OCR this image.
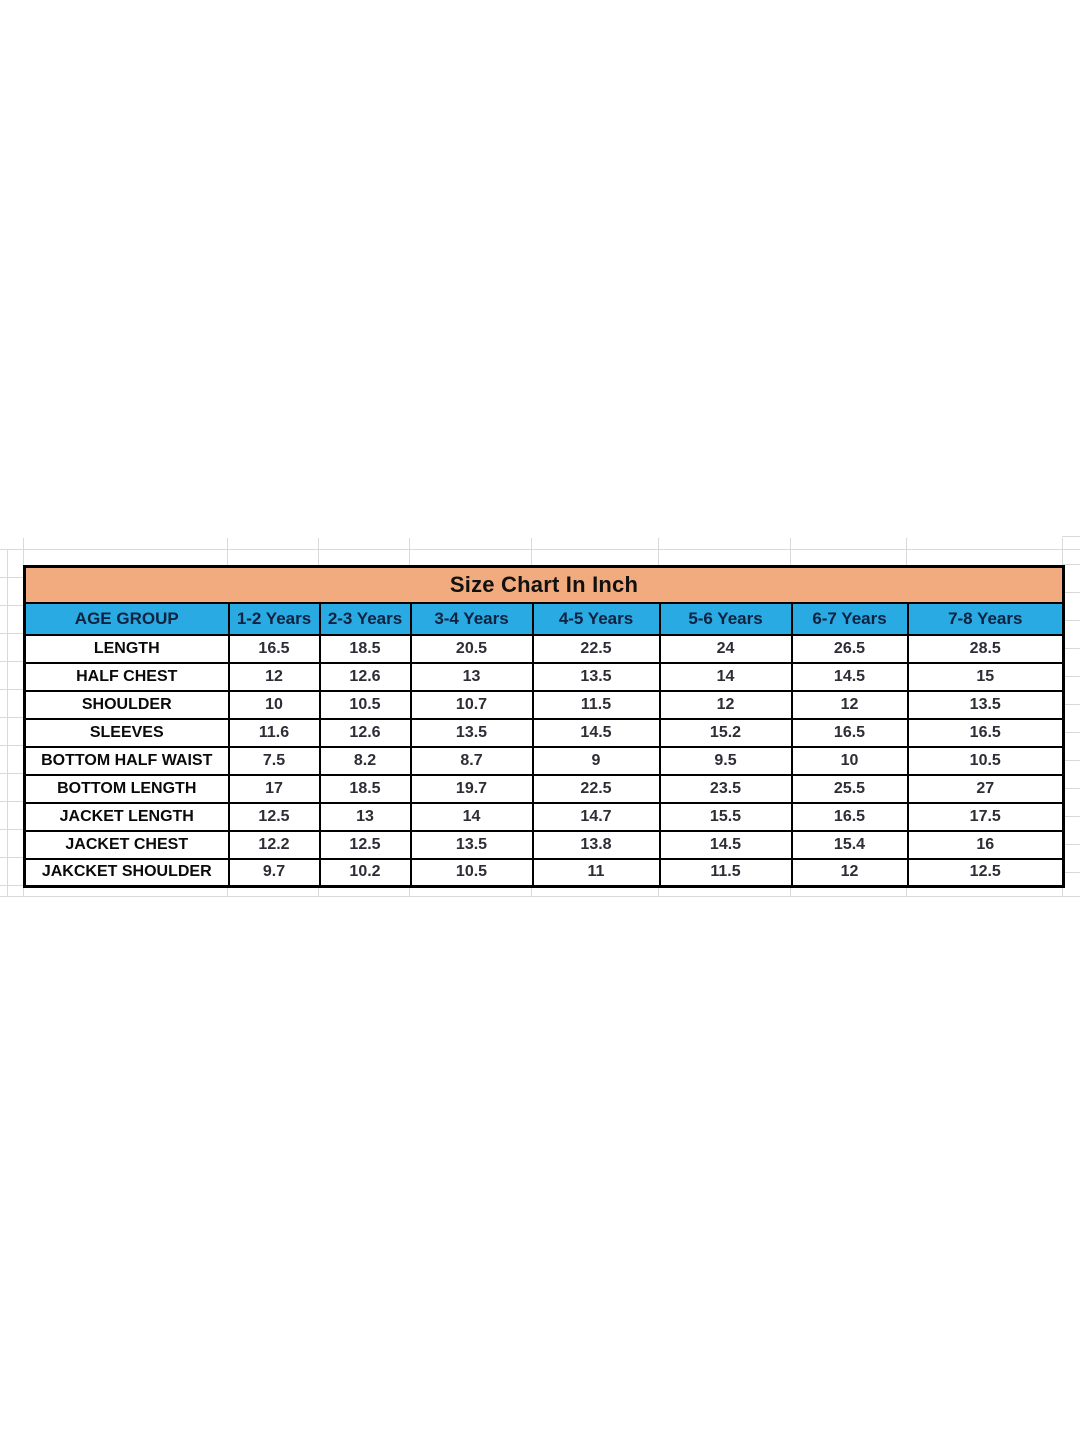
Size Chart In Inch							
AGE GROUP	1-2 Years	2-3 Years	3-4 Years	4-5 Years	5-6 Years	6-7 Years	7-8 Years
LENGTH	16.5	18.5	20.5	22.5	24	26.5	28.5
HALF CHEST	12	12.6	13	13.5	14	14.5	15
SHOULDER	10	10.5	10.7	11.5	12	12	13.5
SLEEVES	11.6	12.6	13.5	14.5	15.2	16.5	16.5
BOTTOM HALF WAIST	7.5	8.2	8.7	9	9.5	10	10.5
BOTTOM LENGTH	17	18.5	19.7	22.5	23.5	25.5	27
JACKET LENGTH	12.5	13	14	14.7	15.5	16.5	17.5
JACKET CHEST	12.2	12.5	13.5	13.8	14.5	15.4	16
JAKCKET SHOULDER	9.7	10.2	10.5	11	11.5	12	12.5
